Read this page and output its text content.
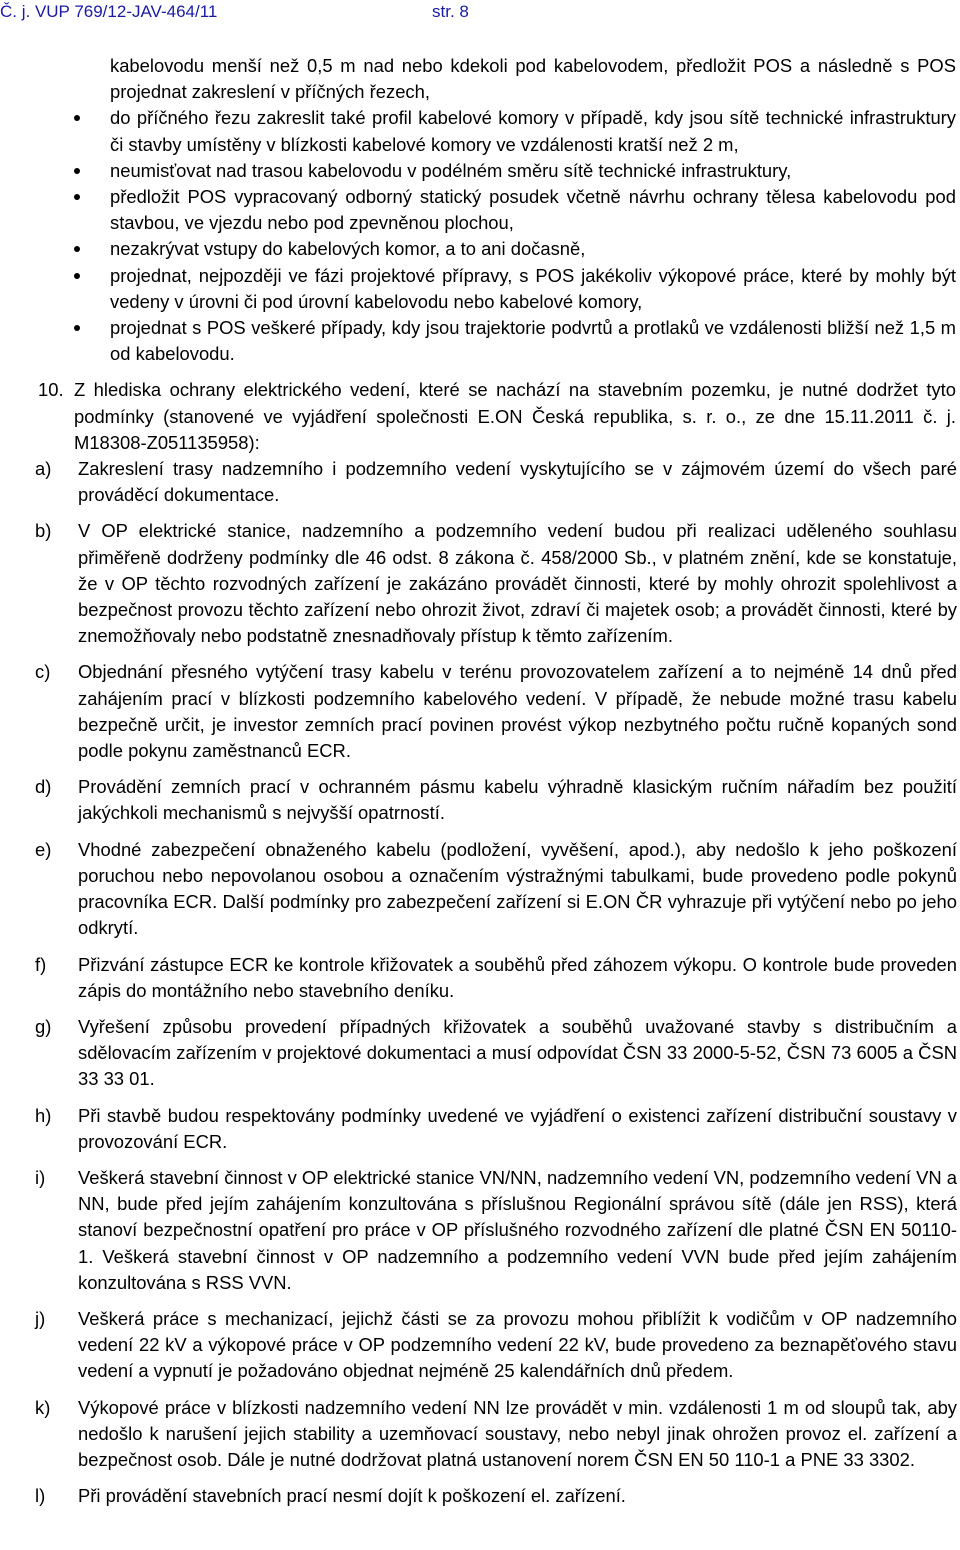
Č. j. VUP 769/12-JAV-464/11	str. 8

kabelovodu menší než 0,5 m nad nebo kdekoli pod kabelovodem, předložit POS a následně s POS projednat zakreslení v příčných řezech,

do příčného řezu zakreslit také profil kabelové komory v případě, kdy jsou sítě technické infrastruktury či stavby umístěny v blízkosti kabelové komory ve vzdálenosti kratší než 2 m,
neumisťovat nad trasou kabelovodu v podélném směru sítě technické infrastruktury,
předložit POS vypracovaný odborný statický posudek včetně návrhu ochrany tělesa kabelovodu pod stavbou, ve vjezdu nebo pod zpevněnou plochou,
nezakrývat vstupy do kabelových komor, a to ani dočasně,
projednat, nejpozději ve fázi projektové přípravy, s POS jakékoliv výkopové práce, které by mohly být vedeny v úrovni či pod úrovní kabelovodu nebo kabelové komory,
projednat s POS veškeré případy, kdy jsou trajektorie podvrtů a protlaků ve vzdálenosti bližší než 1,5 m od kabelovodu.
10. Z hlediska ochrany elektrického vedení, které se nachází na stavebním pozemku, je nutné dodržet tyto podmínky (stanovené ve vyjádření společnosti E.ON Česká republika, s. r. o., ze dne 15.11.2011 č. j. M18308-Z051135958):

a) Zakreslení trasy nadzemního i podzemního vedení vyskytujícího se v zájmovém území do všech paré prováděcí dokumentace.

b) V OP elektrické stanice, nadzemního a podzemního vedení budou při realizaci uděleného souhlasu přiměřeně dodrženy podmínky dle 46 odst. 8 zákona č. 458/2000 Sb., v platném znění, kde se konstatuje, že v OP těchto rozvodných zařízení je zakázáno provádět činnosti, které by mohly ohrozit spolehlivost a bezpečnost provozu těchto zařízení nebo ohrozit život, zdraví či majetek osob; a provádět činnosti, které by znemožňovaly nebo podstatně znesnadňovaly přístup k těmto zařízením.

c) Objednání přesného vytýčení trasy kabelu v terénu provozovatelem zařízení a to nejméně 14 dnů před zahájením prací v blízkosti podzemního kabelového vedení. V případě, že nebude možné trasu kabelu bezpečně určit, je investor zemních prací povinen provést výkop nezbytného počtu ručně kopaných sond podle pokynu zaměstnanců ECR.

d) Provádění zemních prací v ochranném pásmu kabelu výhradně klasickým ručním nářadím bez použití jakýchkoli mechanismů s nejvyšší opatrností.

e) Vhodné zabezpečení obnaženého kabelu (podložení, vyvěšení, apod.), aby nedošlo k jeho poškození poruchou nebo nepovolanou osobou a označením výstražnými tabulkami, bude provedeno podle pokynů pracovníka ECR. Další podmínky pro zabezpečení zařízení si E.ON ČR vyhrazuje při vytýčení nebo po jeho odkrytí.

f) Přizvání zástupce ECR ke kontrole křižovatek a souběhů před záhozem výkopu. O kontrole bude proveden zápis do montážního nebo stavebního deníku.

g) Vyřešení způsobu provedení případných křižovatek a souběhů uvažované stavby s distribučním a sdělovacím zařízením v projektové dokumentaci a musí odpovídat ČSN 33 2000-5-52, ČSN 73 6005 a ČSN 33 33 01.

h) Při stavbě budou respektovány podmínky uvedené ve vyjádření o existenci zařízení distribuční soustavy v provozování ECR.

i) Veškerá stavební činnost v OP elektrické stanice VN/NN, nadzemního vedení VN, podzemního vedení VN a NN, bude před jejím zahájením konzultována s příslušnou Regionální správou sítě (dále jen RSS), která stanoví bezpečnostní opatření pro práce v OP příslušného rozvodného zařízení dle platné ČSN EN 50110-1. Veškerá stavební činnost v OP nadzemního a podzemního vedení VVN bude před jejím zahájením konzultována s RSS VVN.

j) Veškerá práce s mechanizací, jejichž části se za provozu mohou přiblížit k vodičům v OP nadzemního vedení 22 kV a výkopové práce v OP podzemního vedení 22 kV, bude provedeno za beznapěťového stavu vedení a vypnutí je požadováno objednat nejméně 25 kalendářních dnů předem.

k) Výkopové práce v blízkosti nadzemního vedení NN lze provádět v min. vzdálenosti 1 m od sloupů tak, aby nedošlo k narušení jejich stability a uzemňovací soustavy, nebo nebyl jinak ohrožen provoz el. zařízení a bezpečnost osob. Dále je nutné dodržovat platná ustanovení norem ČSN EN 50 110-1 a PNE 33 3302.

l) Při provádění stavebních prací nesmí dojít k poškození el. zařízení.
